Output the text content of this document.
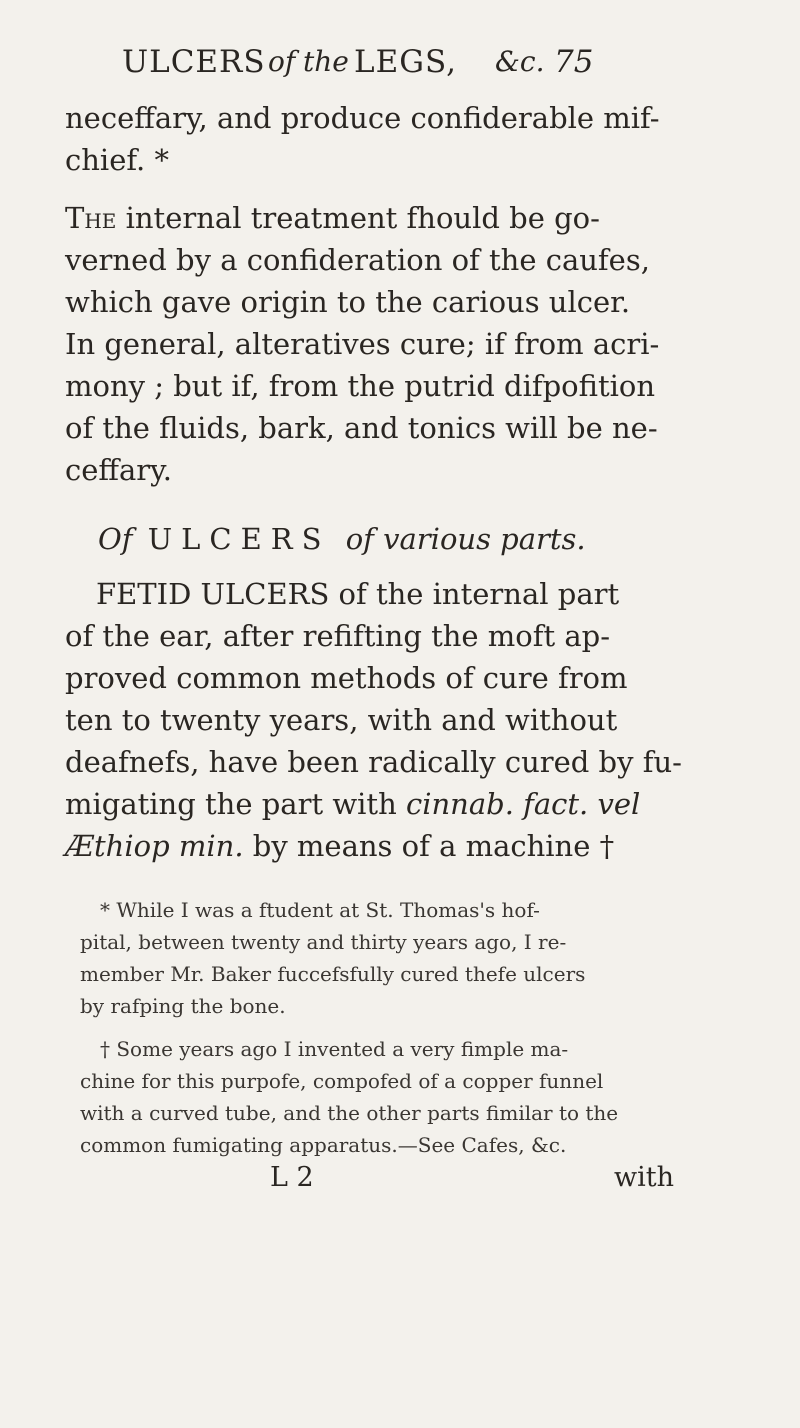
ULCERS of the LEGS, &c. 75
neceffary, and produce confiderable mif-
chief. *
The internal treatment fhould be go-
verned by a confideration of the caufes,
which gave origin to the carious ulcer.
In general, alteratives cure; if from acri-
mony ; but if, from the putrid difpofition
of the fluids, bark, and tonics will be ne-
ceffary.
Of ULCERS of various parts.
FETID ULCERS of the internal part
of the ear, after refifting the moft ap-
proved common methods of cure from
ten to twenty years, with and without
deafnefs, have been radically cured by fu-
migating the part with cinnab. fact. vel
Æthiop min. by means of a machine †
* While I was a ftudent at St. Thomas's hof-
pital, between twenty and thirty years ago, I re-
member Mr. Baker fuccefsfully cured thefe ulcers
by rafping the bone.
† Some years ago I invented a very fimple ma-
chine for this purpofe, compofed of a copper funnel
with a curved tube, and the other parts fimilar to the
common fumigating apparatus.—See Cafes, &c.
L 2	with
